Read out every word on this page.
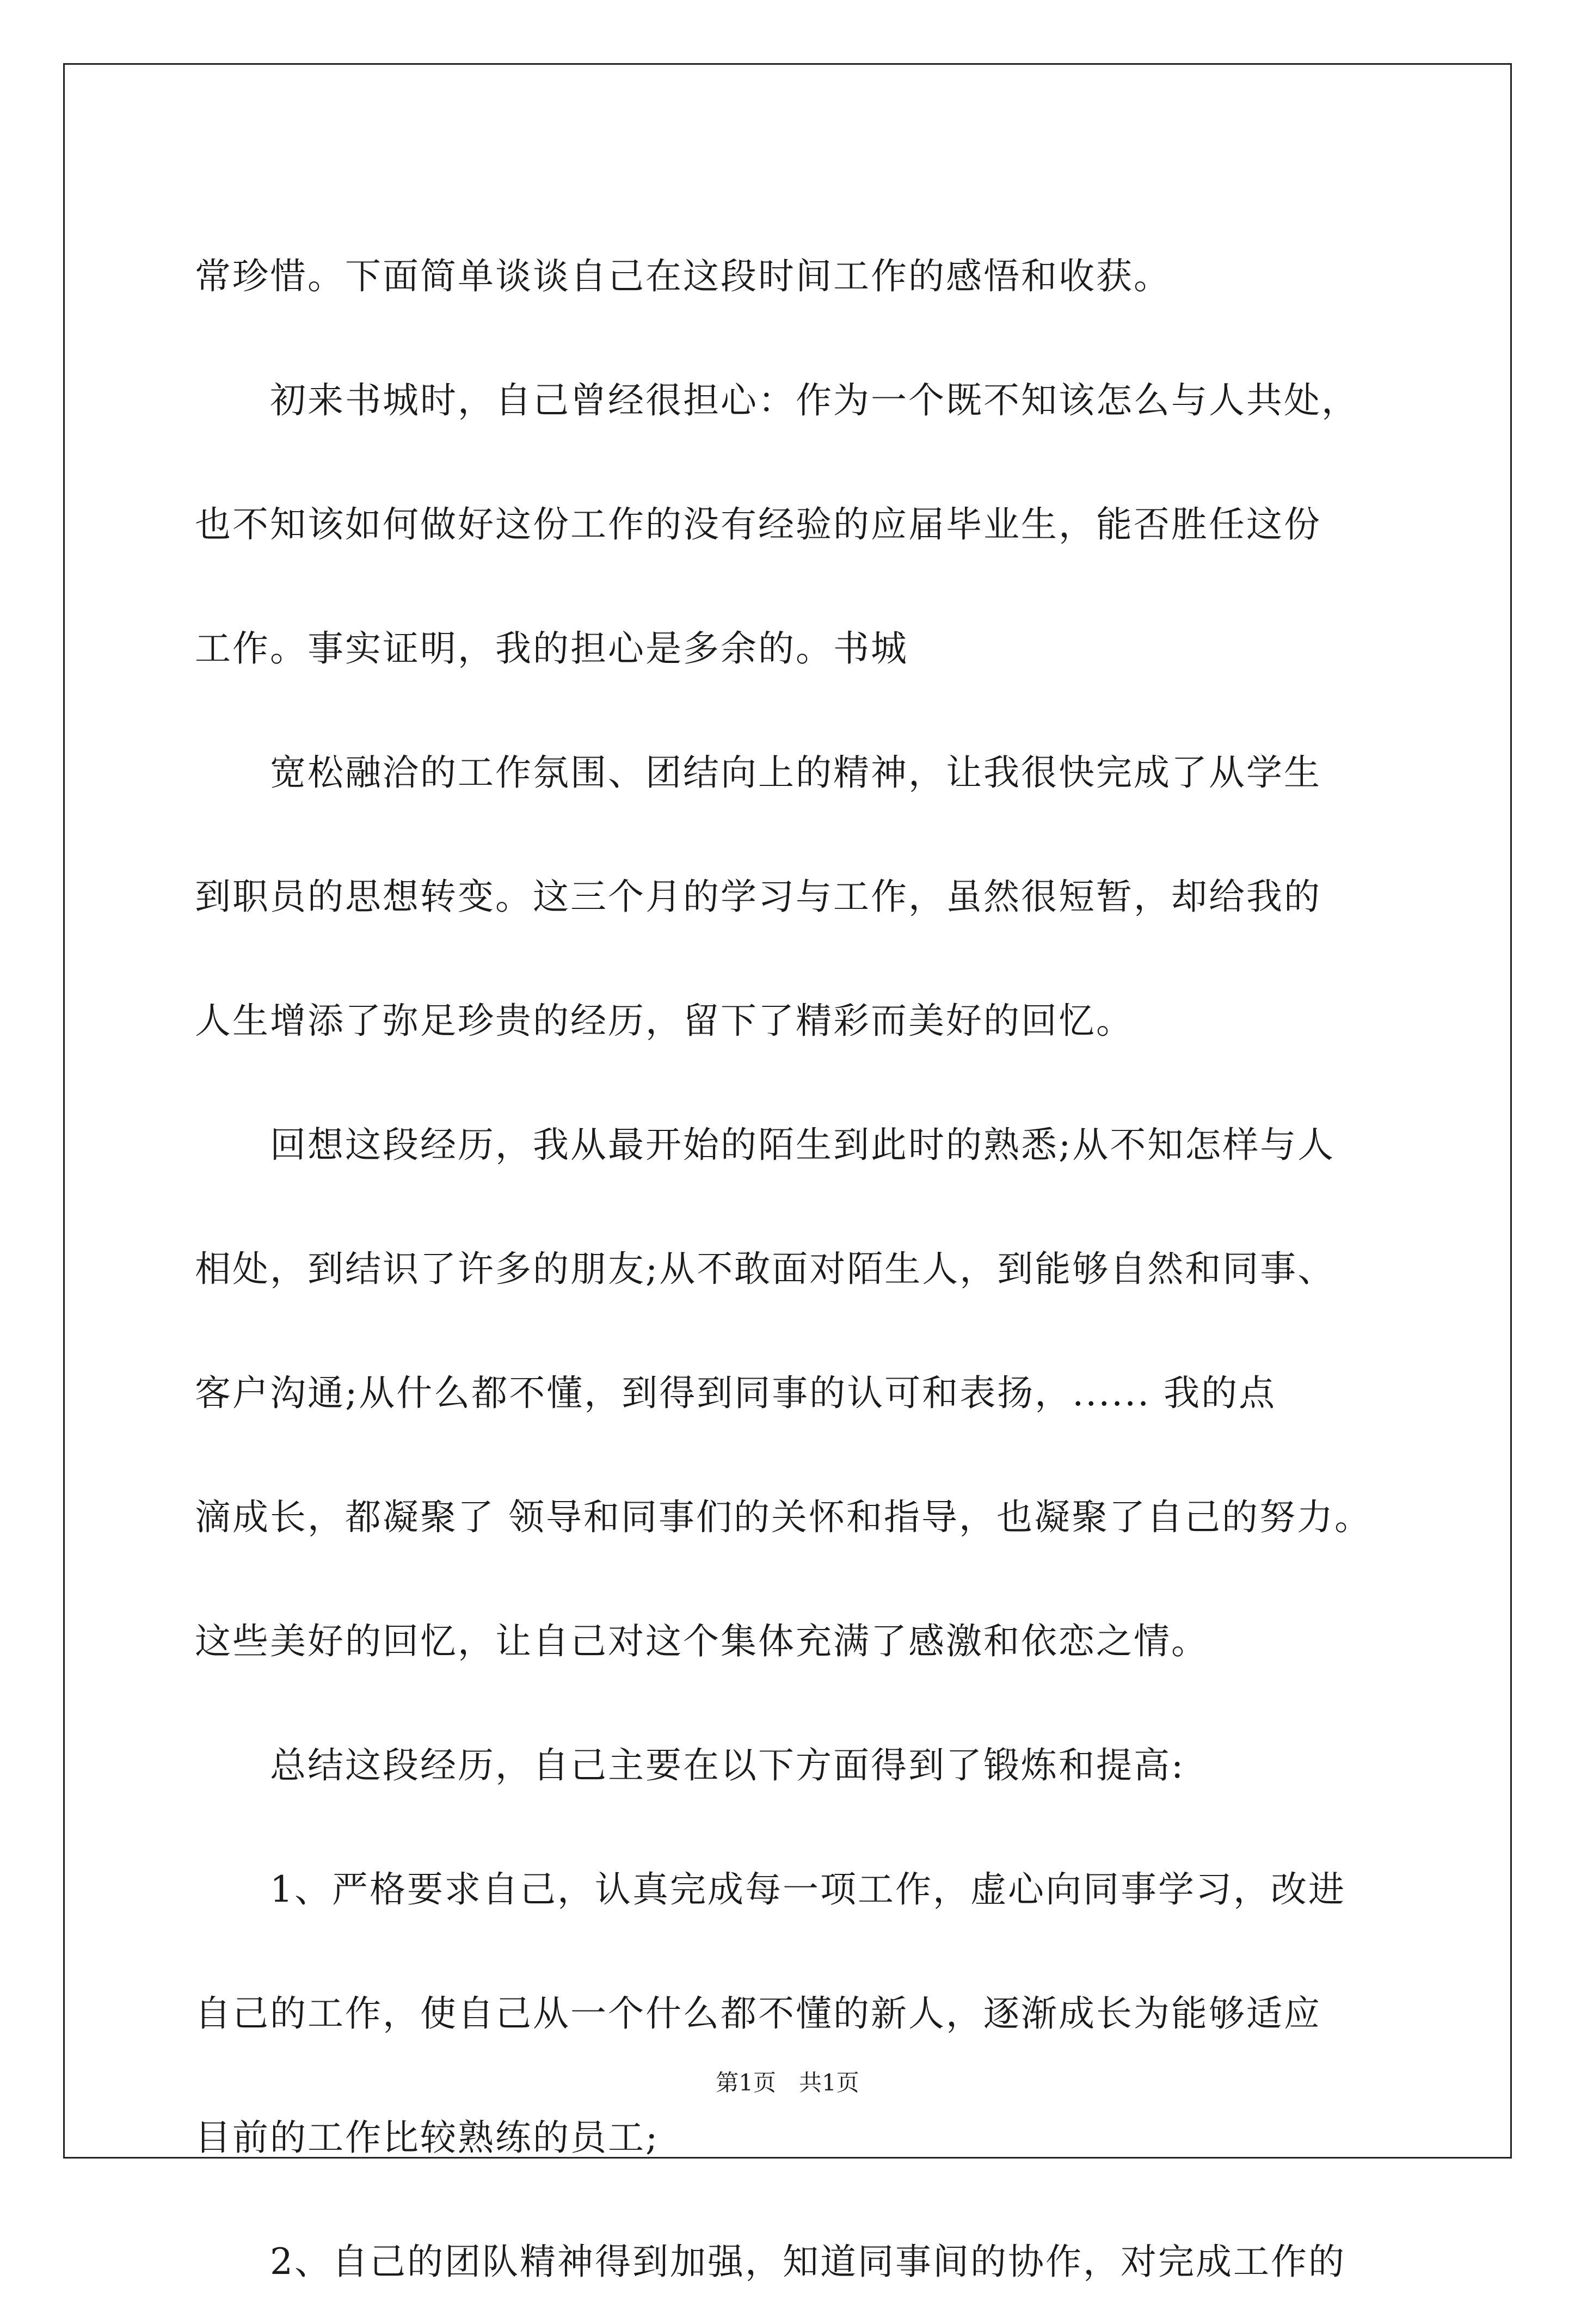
常珍惜。下面简单谈谈自己在这段时间工作的感悟和收获。

　　初来书城时，自己曾经很担心：作为一个既不知该怎么与人共处，
也不知该如何做好这份工作的没有经验的应届毕业生，能否胜任这份
工作。事实证明，我的担心是多余的。书城

　　宽松融洽的工作氛围、团结向上的精神，让我很快完成了从学生
到职员的思想转变。这三个月的学习与工作，虽然很短暂，却给我的
人生增添了弥足珍贵的经历，留下了精彩而美好的回忆。

　　回想这段经历，我从最开始的陌生到此时的熟悉;从不知怎样与人
相处，到结识了许多的朋友;从不敢面对陌生人，到能够自然和同事、
客户沟通;从什么都不懂，到得到同事的认可和表扬，...... 我的点
滴成长，都凝聚了 领导和同事们的关怀和指导，也凝聚了自己的努力。
这些美好的回忆，让自己对这个集体充满了感激和依恋之情。

　　总结这段经历，自己主要在以下方面得到了锻炼和提高:

　　1、严格要求自己，认真完成每一项工作，虚心向同事学习，改进
自己的工作，使自己从一个什么都不懂的新人，逐渐成长为能够适应
目前的工作比较熟练的员工;

　　2、自己的团队精神得到加强，知道同事间的协作，对完成工作的

第1页　共1页
